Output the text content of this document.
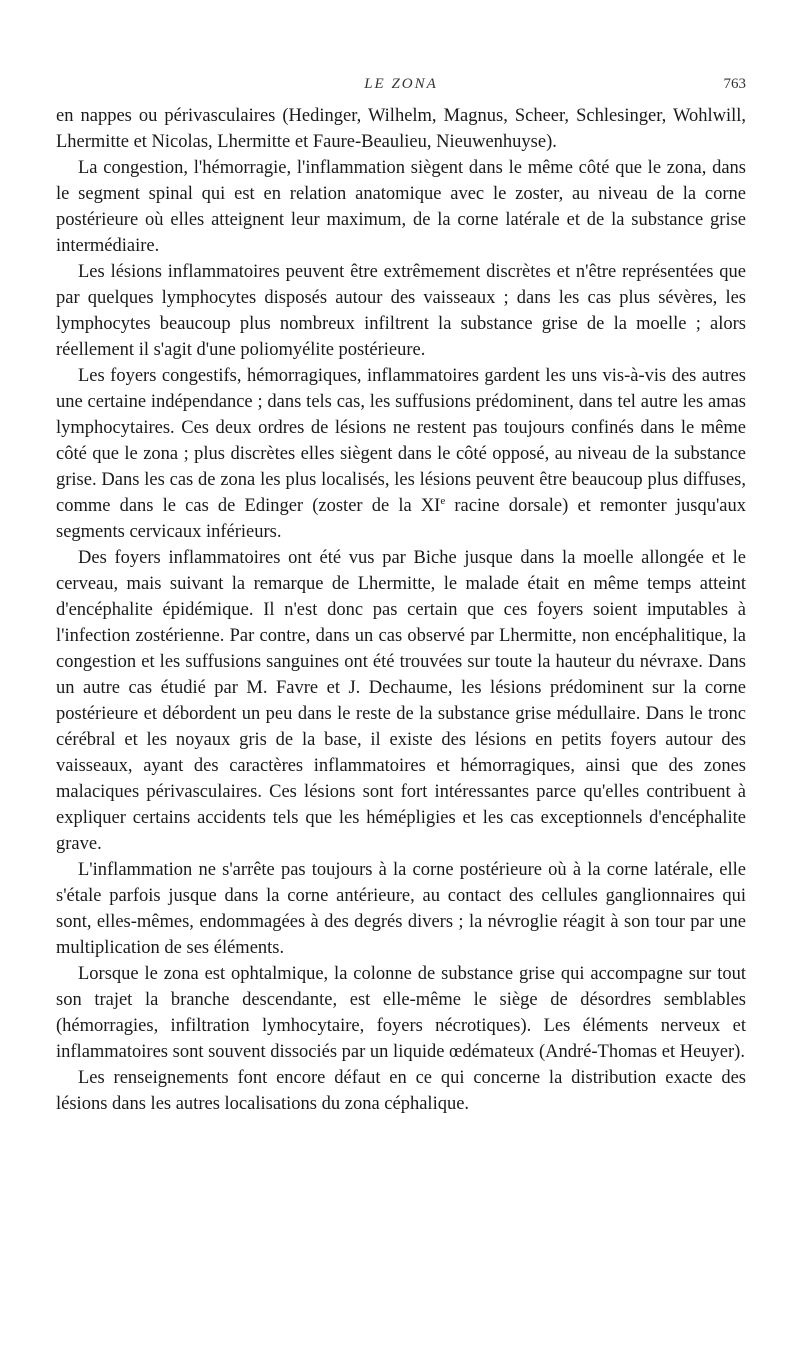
LE ZONA	763

en nappes ou périvasculaires (Hedinger, Wilhelm, Magnus, Scheer, Schlesinger, Wohlwill, Lhermitte et Nicolas, Lhermitte et Faure-Beaulieu, Nieuwenhuyse).

La congestion, l'hémorragie, l'inflammation siègent dans le même côté que le zona, dans le segment spinal qui est en relation anatomique avec le zoster, au niveau de la corne postérieure où elles atteignent leur maximum, de la corne latérale et de la substance grise intermédiaire.

Les lésions inflammatoires peuvent être extrêmement discrètes et n'être représentées que par quelques lymphocytes disposés autour des vaisseaux ; dans les cas plus sévères, les lymphocytes beaucoup plus nombreux infiltrent la substance grise de la moelle ; alors réellement il s'agit d'une poliomyélite postérieure.

Les foyers congestifs, hémorragiques, inflammatoires gardent les uns vis-à-vis des autres une certaine indépendance ; dans tels cas, les suffusions prédominent, dans tel autre les amas lymphocytaires. Ces deux ordres de lésions ne restent pas toujours confinés dans le même côté que le zona ; plus discrètes elles siègent dans le côté opposé, au niveau de la substance grise. Dans les cas de zona les plus localisés, les lésions peuvent être beaucoup plus diffuses, comme dans le cas de Edinger (zoster de la XIe racine dorsale) et remonter jusqu'aux segments cervicaux inférieurs.

Des foyers inflammatoires ont été vus par Biche jusque dans la moelle allongée et le cerveau, mais suivant la remarque de Lhermitte, le malade était en même temps atteint d'encéphalite épidémique. Il n'est donc pas certain que ces foyers soient imputables à l'infection zostérienne. Par contre, dans un cas observé par Lhermitte, non encéphalitique, la congestion et les suffusions sanguines ont été trouvées sur toute la hauteur du névraxe. Dans un autre cas étudié par M. Favre et J. Dechaume, les lésions prédominent sur la corne postérieure et débordent un peu dans le reste de la substance grise médullaire. Dans le tronc cérébral et les noyaux gris de la base, il existe des lésions en petits foyers autour des vaisseaux, ayant des caractères inflammatoires et hémorragiques, ainsi que des zones malaciques périvasculaires. Ces lésions sont fort intéressantes parce qu'elles contribuent à expliquer certains accidents tels que les hémépligies et les cas exceptionnels d'encéphalite grave.

L'inflammation ne s'arrête pas toujours à la corne postérieure où à la corne latérale, elle s'étale parfois jusque dans la corne antérieure, au contact des cellules ganglionnaires qui sont, elles-mêmes, endommagées à des degrés divers ; la névroglie réagit à son tour par une multiplication de ses éléments.

Lorsque le zona est ophtalmique, la colonne de substance grise qui accompagne sur tout son trajet la branche descendante, est elle-même le siège de désordres semblables (hémorragies, infiltration lymhocytaire, foyers nécrotiques). Les éléments nerveux et inflammatoires sont souvent dissociés par un liquide œdémateux (André-Thomas et Heuyer).

Les renseignements font encore défaut en ce qui concerne la distribution exacte des lésions dans les autres localisations du zona céphalique.
